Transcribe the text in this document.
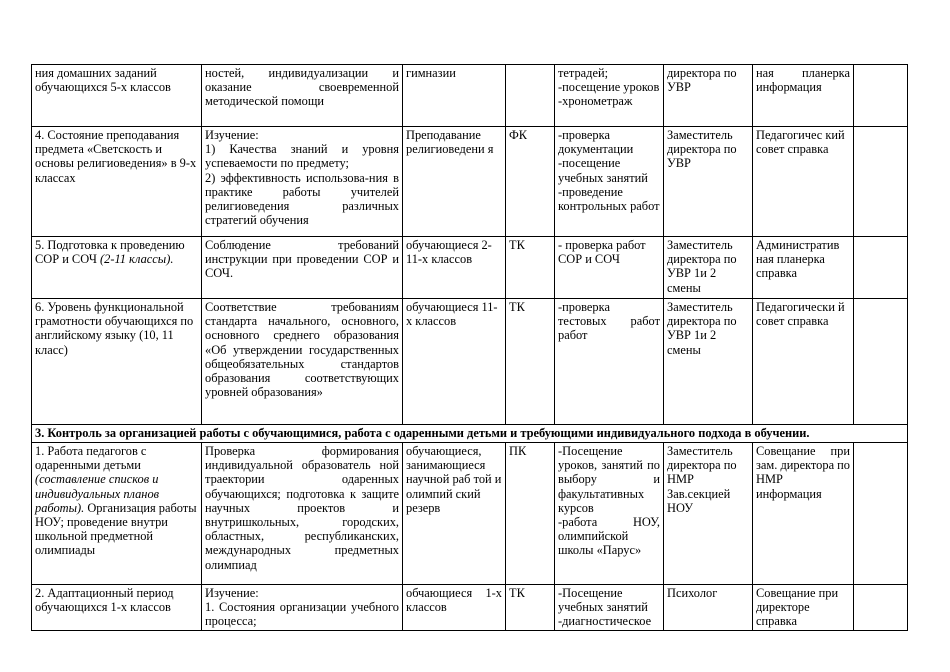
ния домашних заданий обучающихся 5-х классов	ностей, индивидуализации и оказание своевременной методической помощи	гимназии		тетрадей;
-посещение уроков
-хронометраж	директора по УВР	ная планерка информация	
4. Состояние преподавания предмета «Светскость и основы религиоведения» в 9-х классах	Изучение:
1) Качества знаний и уровня успеваемости по предмету;
2) эффективность использова-ния в практике работы учителей религиоведения различных стратегий обучения	Преподавание религиоведени я	ФК	-проверка документации
-посещение учебных занятий
-проведение контрольных работ	Заместитель директора по УВР	Педагогичес кий совет справка	
5. Подготовка к проведению СОР и СОЧ (2-11 классы).	Соблюдение требований инструкции при проведении СОР и СОЧ.	обучающиеся 2-11-х классов	ТК	- проверка работ СОР и СОЧ	Заместитель директора по УВР 1и 2 смены	Административ ная планерка справка	
6. Уровень функциональной грамотности обучающихся по английскому языку (10, 11 класс)	Соответствие требованиям стандарта начального, основного, основного среднего образования «Об утверждении государственных общеобязательных стандартов образования соответствующих уровней образования»	обучающиеся 11-х классов	ТК	-проверка тестовых работ работ	Заместитель директора по УВР 1и 2 смены	Педагогически й совет справка	
3. Контроль за организацией работы с обучающимися, работа с одаренными детьми и требующими индивидуального подхода в обучении.							
1. Работа педагогов с одаренными детьми (составление списков и индивидуальных планов работы). Организация работы НОУ; проведение внутри школьной предметной олимпиады	Проверка формирования индивидуальной образователь ной траектории одаренных обучающихся; подготовка к защите научных проектов и внутришкольных, городских, областных, республиканских, международных предметных олимпиад	обучающиеся, занимающиеся научной раб той и олимпий ский резерв	ПК	-Посещение уроков, занятий по выбору и факультативных курсов
-работа НОУ, олимпийской школы «Парус»	Заместитель директора по НМР Зав.секцией НОУ	Совещание при зам. директора по НМР информация	
2. Адаптационный период обучающихся 1-х классов	Изучение:
1. Состояния организации учебного процесса;	обчающиеся 1-х классов	ТК	-Посещение учебных занятий
-диагностическое	Психолог	Совещание при директоре справка	
